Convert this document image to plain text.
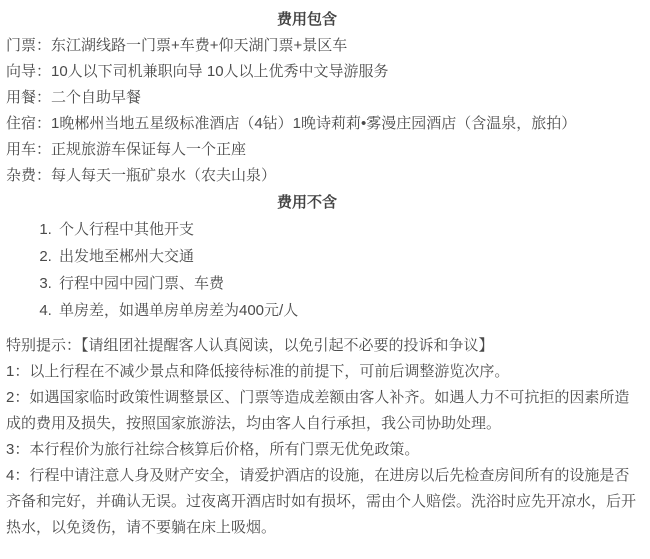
费用包含

门票：东江湖线路一门票+车费+仰天湖门票+景区车

向导：10人以下司机兼职向导 10人以上优秀中文导游服务

用餐：二个自助早餐

住宿：1晚郴州当地五星级标准酒店（4钻）1晚诗莉莉•雾漫庄园酒店（含温泉，旅拍）

用车：正规旅游车保证每人一个正座

杂费：每人每天一瓶矿泉水（农夫山泉）

费用不含
1. 个人行程中其他开支
2. 出发地至郴州大交通
3. 行程中园中园门票、车费
4. 单房差，如遇单房单房差为400元/人

特别提示：【请组团社提醒客人认真阅读，以免引起不必要的投诉和争议】

1：以上行程在不减少景点和降低接待标准的前提下，可前后调整游览次序。

2：如遇国家临时政策性调整景区、门票等造成差额由客人补齐。如遇人力不可抗拒的因素所造成的费用及损失，按照国家旅游法，均由客人自行承担，我公司协助处理。

3：本行程价为旅行社综合核算后价格，所有门票无优免政策。

4：行程中请注意人身及财产安全，请爱护酒店的设施，在进房以后先检查房间所有的设施是否齐备和完好，并确认无误。过夜离开酒店时如有损坏，需由个人赔偿。洗浴时应先开凉水，后开热水，以免烫伤，请不要躺在床上吸烟。
